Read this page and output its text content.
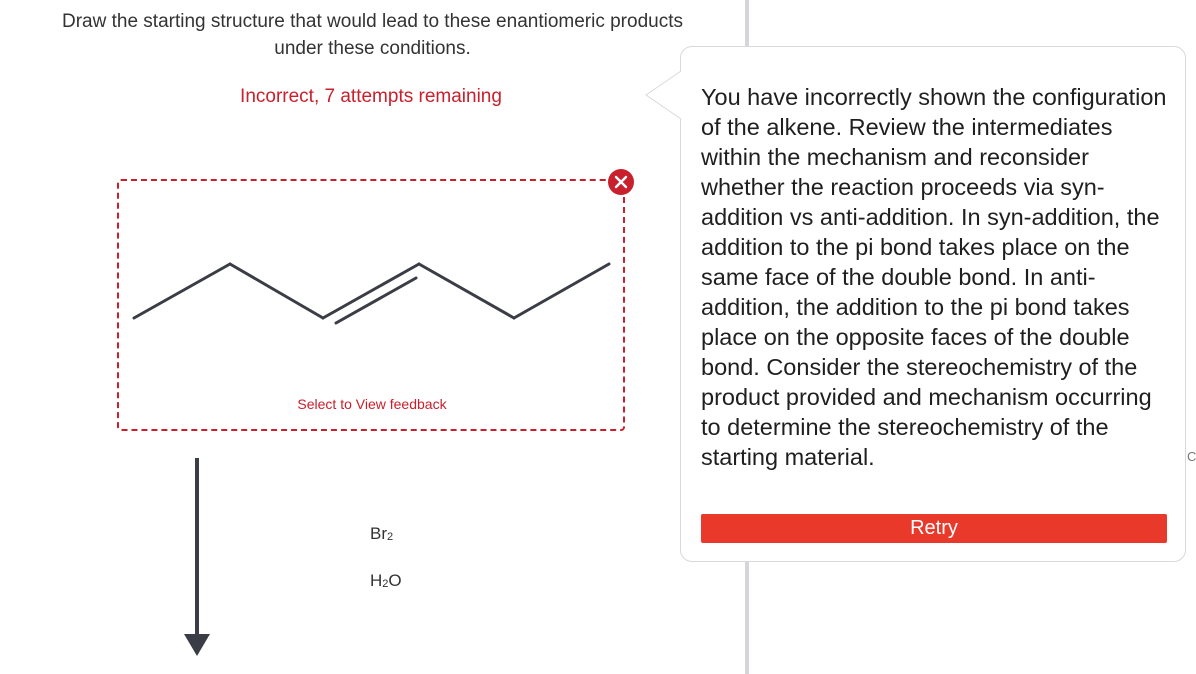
Draw the starting structure that would lead to these enantiomeric products
under these conditions.
Incorrect, 7 attempts remaining
Select to View feedback
$Br_2$
$H_2O$

You have incorrectly shown the configuration of the alkene. Review the intermediates within the mechanism and reconsider whether the reaction proceeds via syn-addition vs anti-addition. In syn-addition, the addition to the pi bond takes place on the same face of the double bond. In anti-addition, the addition to the pi bond takes place on the opposite faces of the double bond. Consider the stereochemistry of the product provided and mechanism occurring to determine the stereochemistry of the starting material.

Retry
C
